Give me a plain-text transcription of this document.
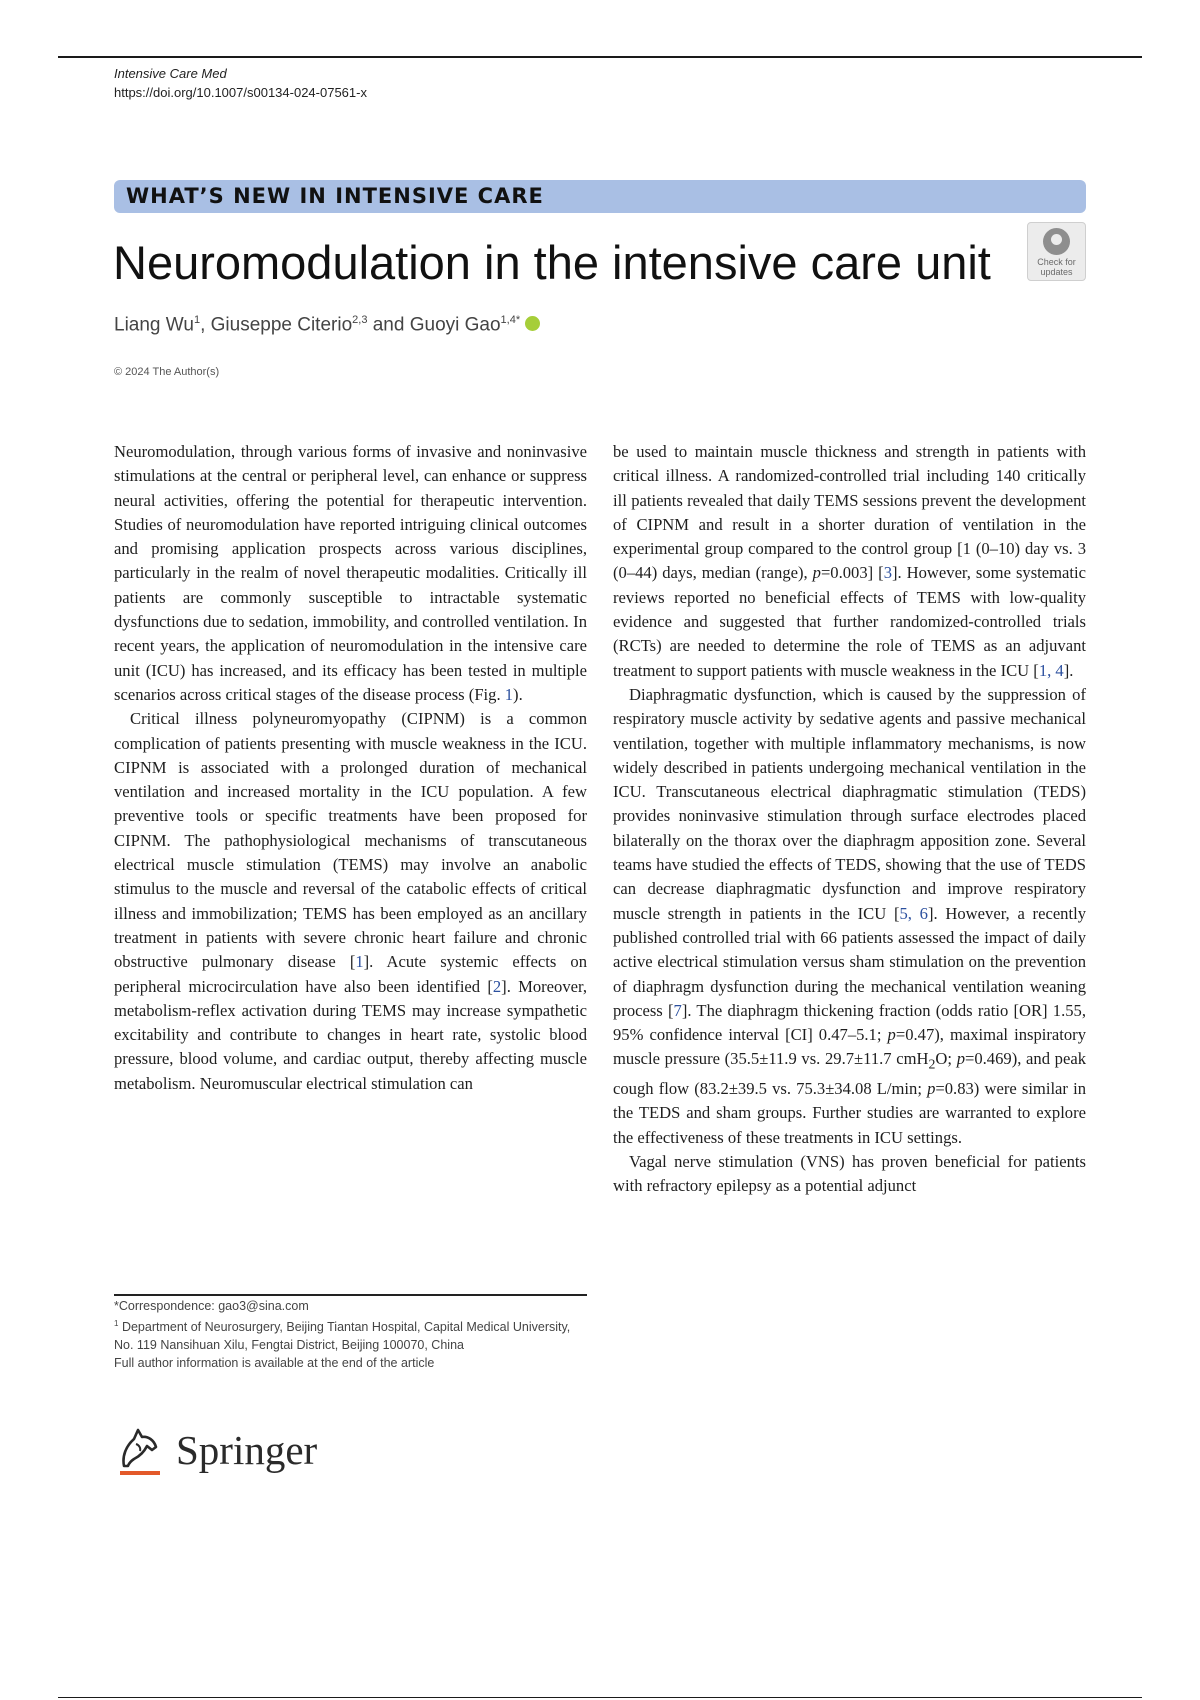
Intensive Care Med
https://doi.org/10.1007/s00134-024-07561-x
WHAT’S NEW IN INTENSIVE CARE
Neuromodulation in the intensive care unit	Check for
updates
Liang Wu$^1$, Giuseppe Citerio$^{2,3}$ and Guoyi Gao$^{1,4*}$
© 2024 The Author(s)

Neuromodulation, through various forms of invasive and noninvasive stimulations at the central or peripheral level, can enhance or suppress neural activities, offering the potential for therapeutic intervention. Studies of neuromodulation have reported intriguing clinical outcomes and promising application prospects across various disciplines, particularly in the realm of novel therapeutic modalities. Critically ill patients are commonly susceptible to intractable systematic dysfunctions due to sedation, immobility, and controlled ventilation. In recent years, the application of neuromodulation in the intensive care unit (ICU) has increased, and its efficacy has been tested in multiple scenarios across critical stages of the disease process (Fig. 1).

Critical illness polyneuromyopathy (CIPNM) is a common complication of patients presenting with muscle weakness in the ICU. CIPNM is associated with a prolonged duration of mechanical ventilation and increased mortality in the ICU population. A few preventive tools or specific treatments have been proposed for CIPNM. The pathophysiological mechanisms of transcutaneous electrical muscle stimulation (TEMS) may involve an anabolic stimulus to the muscle and reversal of the catabolic effects of critical illness and immobilization; TEMS has been employed as an ancillary treatment in patients with severe chronic heart failure and chronic obstructive pulmonary disease [1]. Acute systemic effects on peripheral microcirculation have also been identified [2]. Moreover, metabolism-reflex activation during TEMS may increase sympathetic excitability and contribute to changes in heart rate, systolic blood pressure, blood volume, and cardiac output, thereby affecting muscle metabolism. Neuromuscular electrical stimulation can

be used to maintain muscle thickness and strength in patients with critical illness. A randomized-controlled trial including 140 critically ill patients revealed that daily TEMS sessions prevent the development of CIPNM and result in a shorter duration of ventilation in the experimental group compared to the control group [1 (0–10) day vs. 3 (0–44) days, median (range), p=0.003] [3]. However, some systematic reviews reported no beneficial effects of TEMS with low-quality evidence and suggested that further randomized-controlled trials (RCTs) are needed to determine the role of TEMS as an adjuvant treatment to support patients with muscle weakness in the ICU [1, 4].

Diaphragmatic dysfunction, which is caused by the suppression of respiratory muscle activity by sedative agents and passive mechanical ventilation, together with multiple inflammatory mechanisms, is now widely described in patients undergoing mechanical ventilation in the ICU. Transcutaneous electrical diaphragmatic stimulation (TEDS) provides noninvasive stimulation through surface electrodes placed bilaterally on the thorax over the diaphragm apposition zone. Several teams have studied the effects of TEDS, showing that the use of TEDS can decrease diaphragmatic dysfunction and improve respiratory muscle strength in patients in the ICU [5, 6]. However, a recently published controlled trial with 66 patients assessed the impact of daily active electrical stimulation versus sham stimulation on the prevention of diaphragm dysfunction during the mechanical ventilation weaning process [7]. The diaphragm thickening fraction (odds ratio [OR] 1.55, 95% confidence interval [CI] 0.47–5.1; p=0.47), maximal inspiratory muscle pressure (35.5±11.9 vs. 29.7±11.7 cmH$_2$O; p=0.469), and peak cough flow (83.2±39.5 vs. 75.3±34.08 L/min; p=0.83) were similar in the TEDS and sham groups. Further studies are warranted to explore the effectiveness of these treatments in ICU settings.

Vagal nerve stimulation (VNS) has proven beneficial for patients with refractory epilepsy as a potential adjunct

*Correspondence: gao3@sina.com
$^1$ Department of Neurosurgery, Beijing Tiantan Hospital, Capital Medical University, No. 119 Nansihuan Xilu, Fengtai District, Beijing 100070, China
Full author information is available at the end of the article
Springer
